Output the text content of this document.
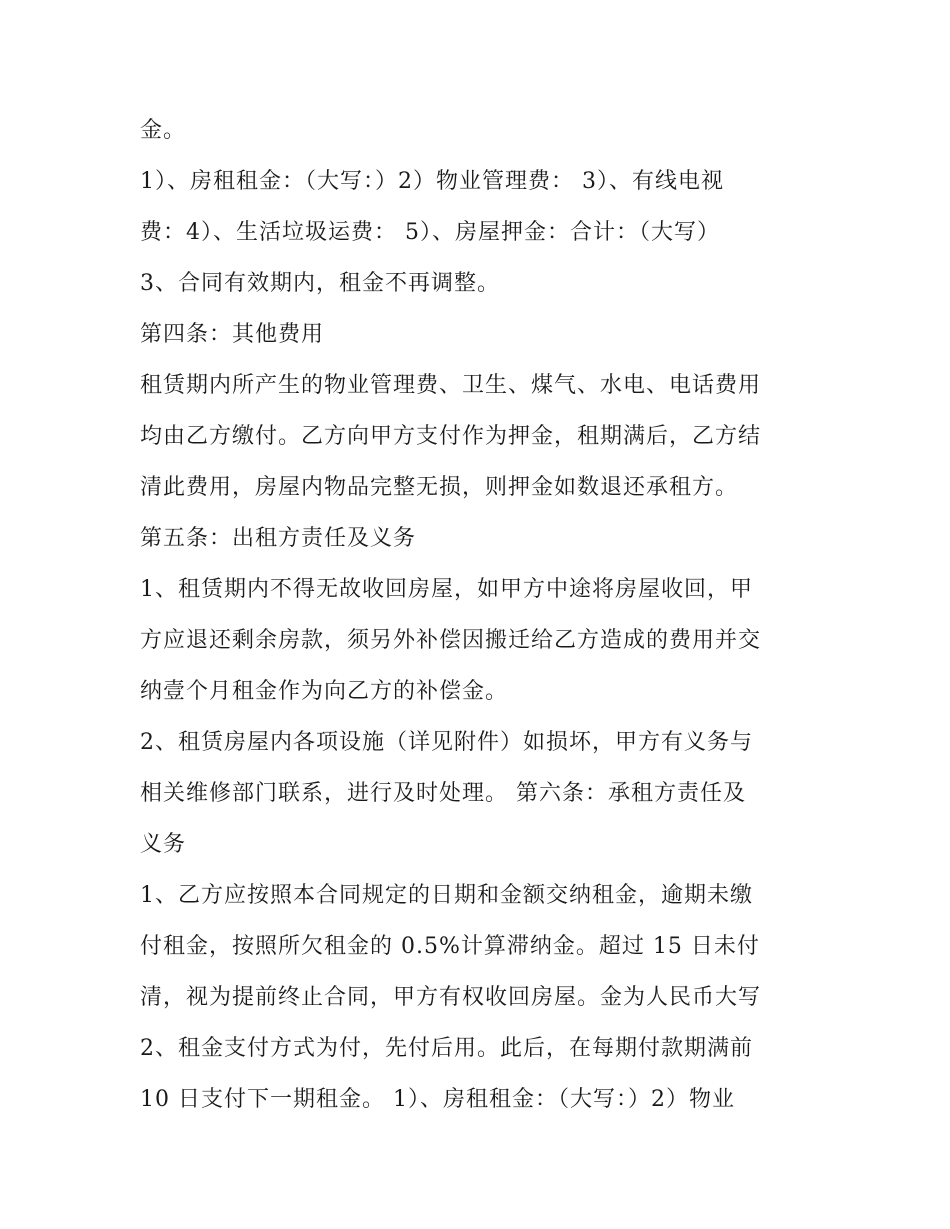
金。
1）、房租租金：（大写：）2）物业管理费： 3）、有线电视
费：4）、生活垃圾运费： 5）、房屋押金：合计：（大写）
3、合同有效期内，租金不再调整。
第四条：其他费用
租赁期内所产生的物业管理费、卫生、煤气、水电、电话费用
均由乙方缴付。乙方向甲方支付作为押金，租期满后，乙方结
清此费用，房屋内物品完整无损，则押金如数退还承租方。
第五条：出租方责任及义务
1、租赁期内不得无故收回房屋，如甲方中途将房屋收回，甲
方应退还剩余房款，须另外补偿因搬迁给乙方造成的费用并交
纳壹个月租金作为向乙方的补偿金。
2、租赁房屋内各项设施（详见附件）如损坏，甲方有义务与
相关维修部门联系，进行及时处理。 第六条：承租方责任及
义务
1、乙方应按照本合同规定的日期和金额交纳租金，逾期未缴
付租金，按照所欠租金的 0.5%计算滞纳金。超过 15 日未付
清，视为提前终止合同，甲方有权收回房屋。金为人民币大写
2、租金支付方式为付，先付后用。此后，在每期付款期满前
10 日支付下一期租金。 1）、房租租金：（大写：）2）物业
